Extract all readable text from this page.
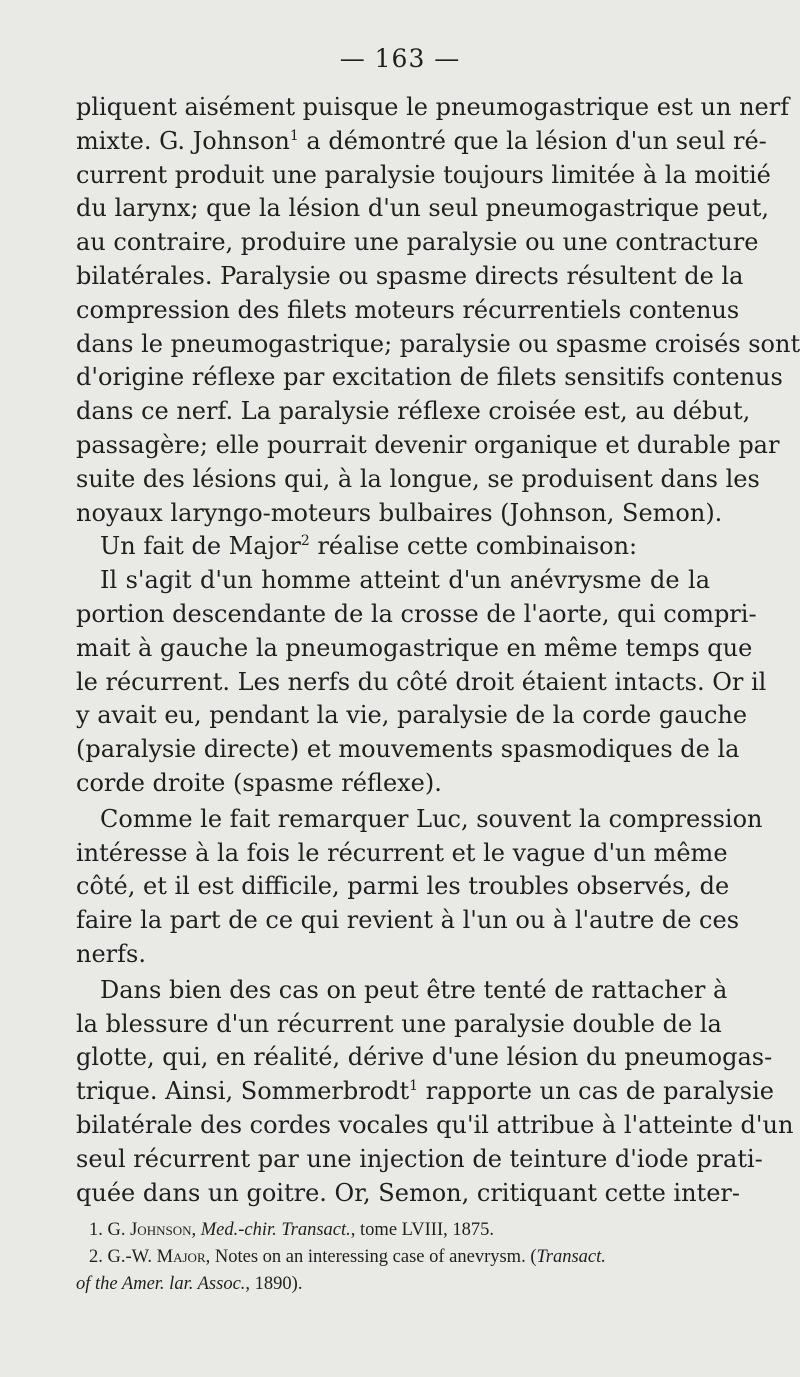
— 163 —
pliquent aisément puisque le pneumogastrique est un nerf
mixte. G. Johnson$^1$ a démontré que la lésion d'un seul ré-
current produit une paralysie toujours limitée à la moitié
du larynx; que la lésion d'un seul pneumogastrique peut,
au contraire, produire une paralysie ou une contracture
bilatérales. Paralysie ou spasme directs résultent de la
compression des filets moteurs récurrentiels contenus
dans le pneumogastrique; paralysie ou spasme croisés sont
d'origine réflexe par excitation de filets sensitifs contenus
dans ce nerf. La paralysie réflexe croisée est, au début,
passagère; elle pourrait devenir organique et durable par
suite des lésions qui, à la longue, se produisent dans les
noyaux laryngo-moteurs bulbaires (Johnson, Semon).
Un fait de Major$^2$ réalise cette combinaison:
Il s'agit d'un homme atteint d'un anévrysme de la
portion descendante de la crosse de l'aorte, qui compri-
mait à gauche la pneumogastrique en même temps que
le récurrent. Les nerfs du côté droit étaient intacts. Or il
y avait eu, pendant la vie, paralysie de la corde gauche
(paralysie directe) et mouvements spasmodiques de la
corde droite (spasme réflexe).
Comme le fait remarquer Luc, souvent la compression
intéresse à la fois le récurrent et le vague d'un même
côté, et il est difficile, parmi les troubles observés, de
faire la part de ce qui revient à l'un ou à l'autre de ces
nerfs.
Dans bien des cas on peut être tenté de rattacher à
la blessure d'un récurrent une paralysie double de la
glotte, qui, en réalité, dérive d'une lésion du pneumogas-
trique. Ainsi, Sommerbrodt$^1$ rapporte un cas de paralysie
bilatérale des cordes vocales qu'il attribue à l'atteinte d'un
seul récurrent par une injection de teinture d'iode prati-
quée dans un goitre. Or, Semon, critiquant cette inter-
1. G. Johnson, Med.-chir. Transact., tome LVIII, 1875.
2. G.-W. Major, Notes on an interessing case of anevrysm. (Transact.
of the Amer. lar. Assoc., 1890).
